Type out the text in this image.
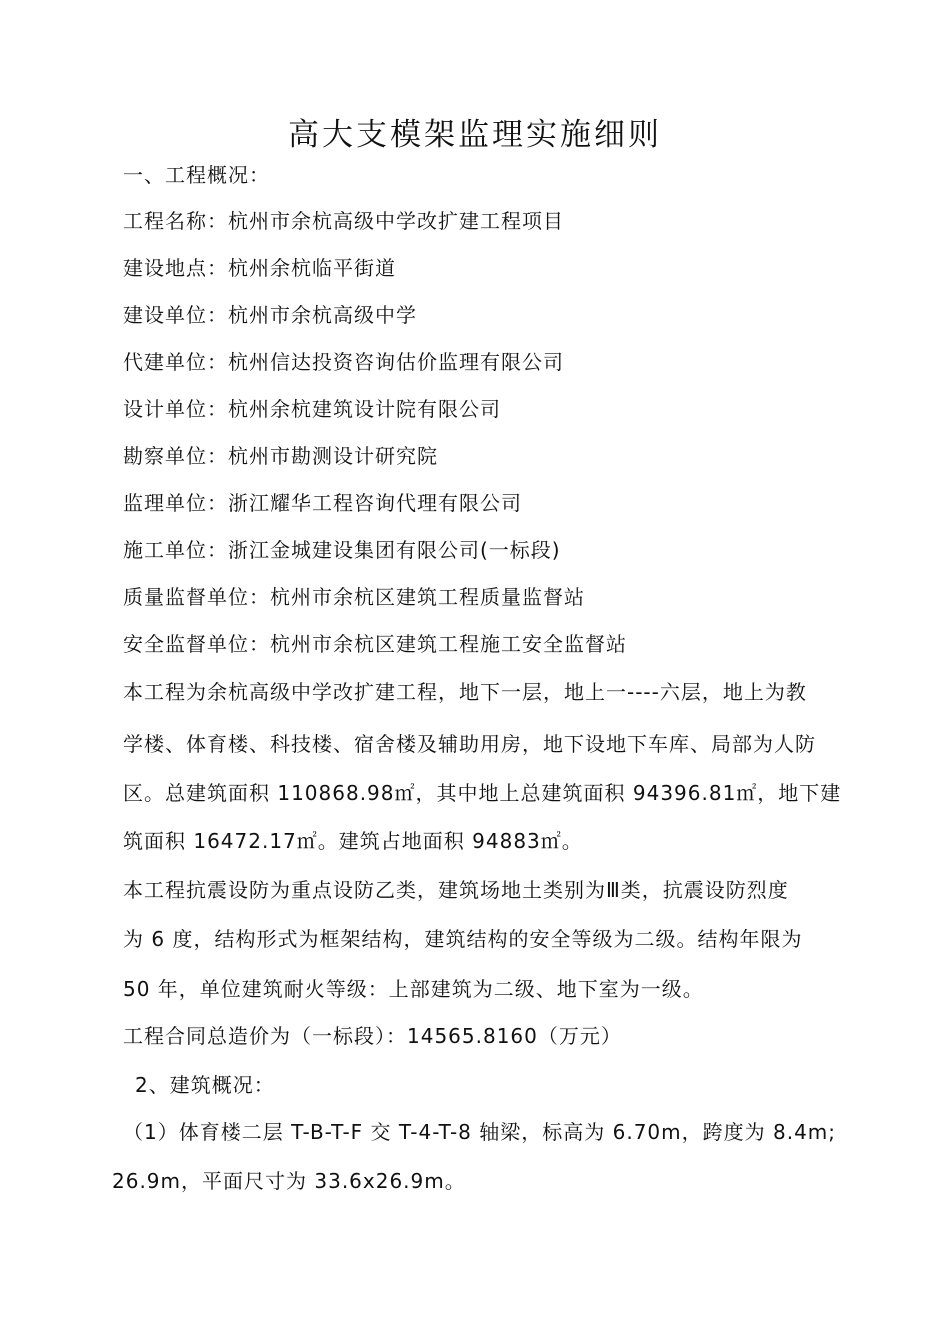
高大支模架监理实施细则
一、工程概况：
工程名称：杭州市余杭高级中学改扩建工程项目
建设地点：杭州余杭临平街道
建设单位：杭州市余杭高级中学
代建单位：杭州信达投资咨询估价监理有限公司
设计单位：杭州余杭建筑设计院有限公司
勘察单位：杭州市勘测设计研究院
监理单位：浙江耀华工程咨询代理有限公司
施工单位：浙江金城建设集团有限公司(一标段)
质量监督单位：杭州市余杭区建筑工程质量监督站
安全监督单位：杭州市余杭区建筑工程施工安全监督站
本工程为余杭高级中学改扩建工程，地下一层，地上一----六层，地上为教
学楼、体育楼、科技楼、宿舍楼及辅助用房，地下设地下车库、局部为人防
区。总建筑面积 110868.98㎡，其中地上总建筑面积 94396.81㎡，地下建
筑面积 16472.17㎡。建筑占地面积 94883㎡。
本工程抗震设防为重点设防乙类，建筑场地土类别为Ⅲ类，抗震设防烈度
为 6 度，结构形式为框架结构，建筑结构的安全等级为二级。结构年限为
50 年，单位建筑耐火等级：上部建筑为二级、地下室为一级。
工程合同总造价为（一标段）：14565.8160（万元）
2、建筑概况：
（1）体育楼二层 T-B-T-F 交 T-4-T-8 轴梁，标高为 6.70m，跨度为 8.4m;
26.9m，平面尺寸为 33.6x26.9m。
